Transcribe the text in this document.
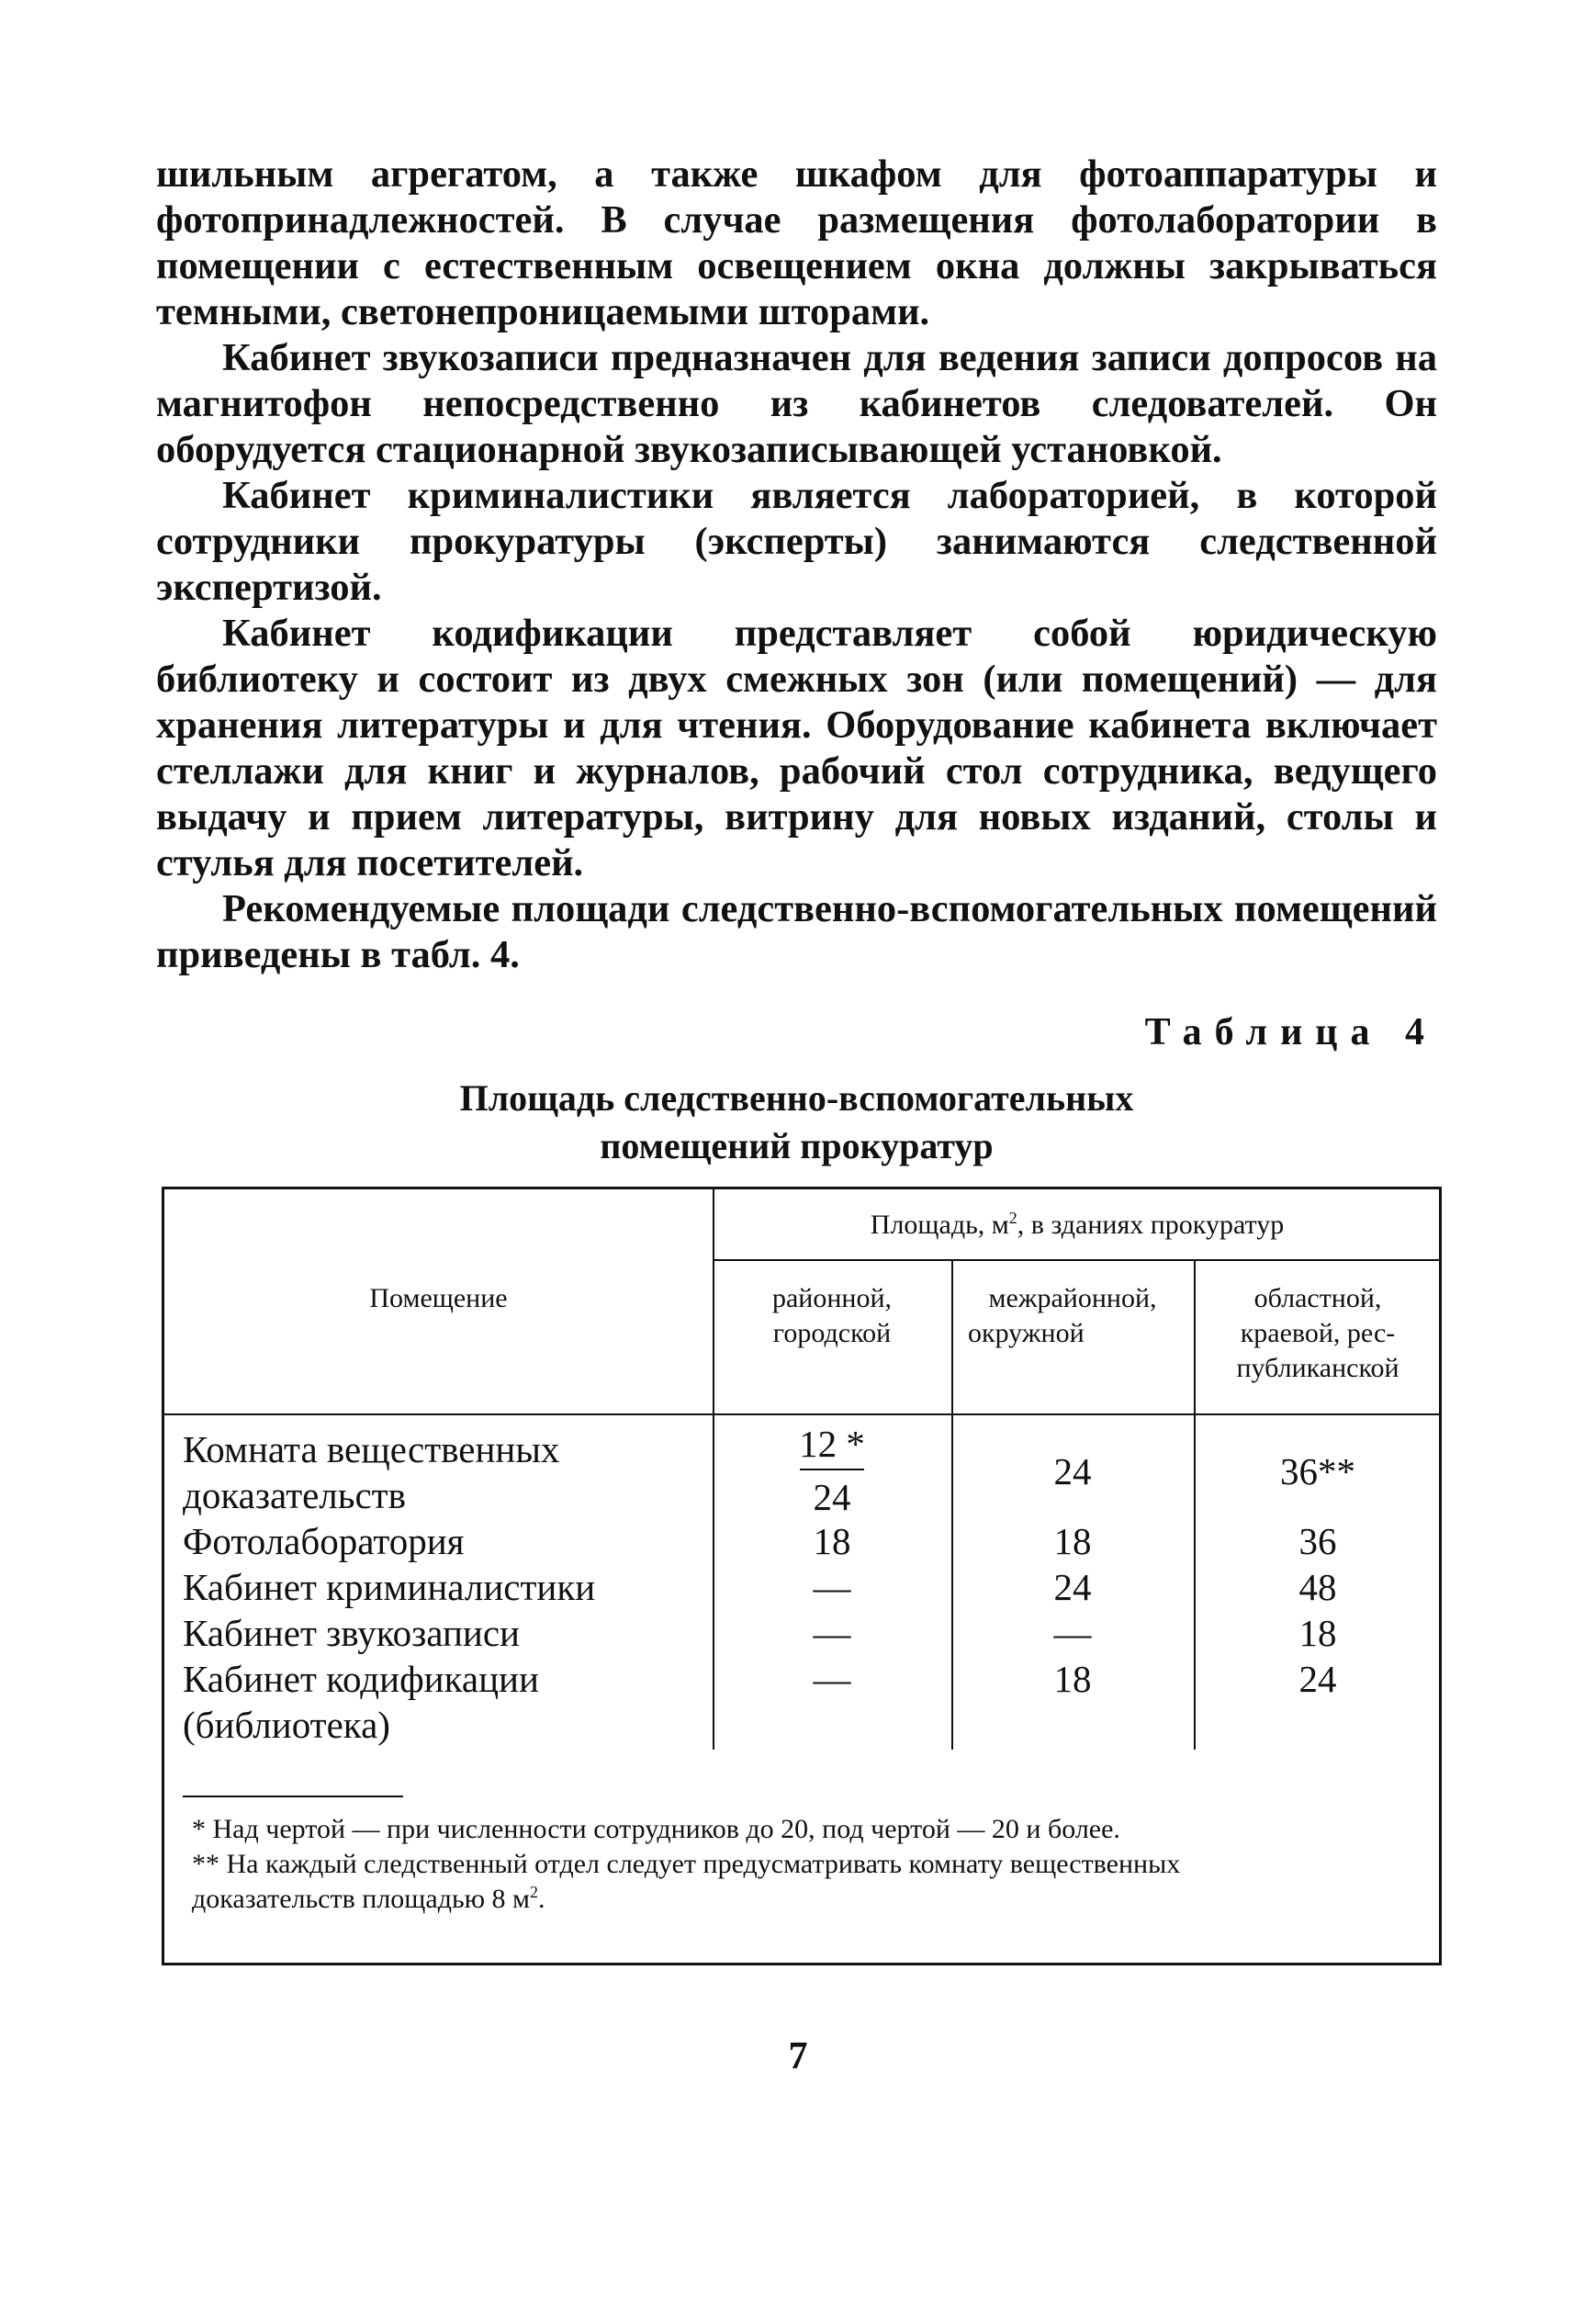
шильным агрегатом, а также шкафом для фотоаппаратуры и фотопринадлежностей. В случае размещения фотолаборатории в помещении с естественным освещением окна должны закрываться темными, светонепроницаемыми шторами.

Кабинет звукозаписи предназначен для ведения записи допросов на магнитофон непосредственно из кабинетов следователей. Он оборудуется стационарной звукозаписывающей установкой.

Кабинет криминалистики является лабораторией, в которой сотрудники прокуратуры (эксперты) занимаются следственной экспертизой.

Кабинет кодификации представляет собой юридическую библиотеку и состоит из двух смежных зон (или помещений) — для хранения литературы и для чтения. Оборудование кабинета включает стеллажи для книг и журналов, рабочий стол сотрудника, ведущего выдачу и прием литературы, витрину для новых изданий, столы и стулья для посетителей.

Рекомендуемые площади следственно-вспомогательных помещений приведены в табл. 4.

Таблица 4
Площадь следственно-вспомогательных
помещений прокуратур
Помещение
Площадь, $м^2$, в зданиях прокуратур
районной,
городской
межрайонной,
окружной
областной,
краевой, рес-
публиканской
Комната вещественных
доказательств
Фотолаборатория
Кабинет криминалистики
Кабинет звукозаписи
Кабинет кодификации
(библиотека)
12 *
24
18
—
—
—
24
18
24
—
18
36**
36
48
18
24
* Над чертой — при численности сотрудников до 20, под чертой — 20 и более.
** На каждый следственный отдел следует предусматривать комнату вещественных
доказательств площадью 8 $м^2$.
7
